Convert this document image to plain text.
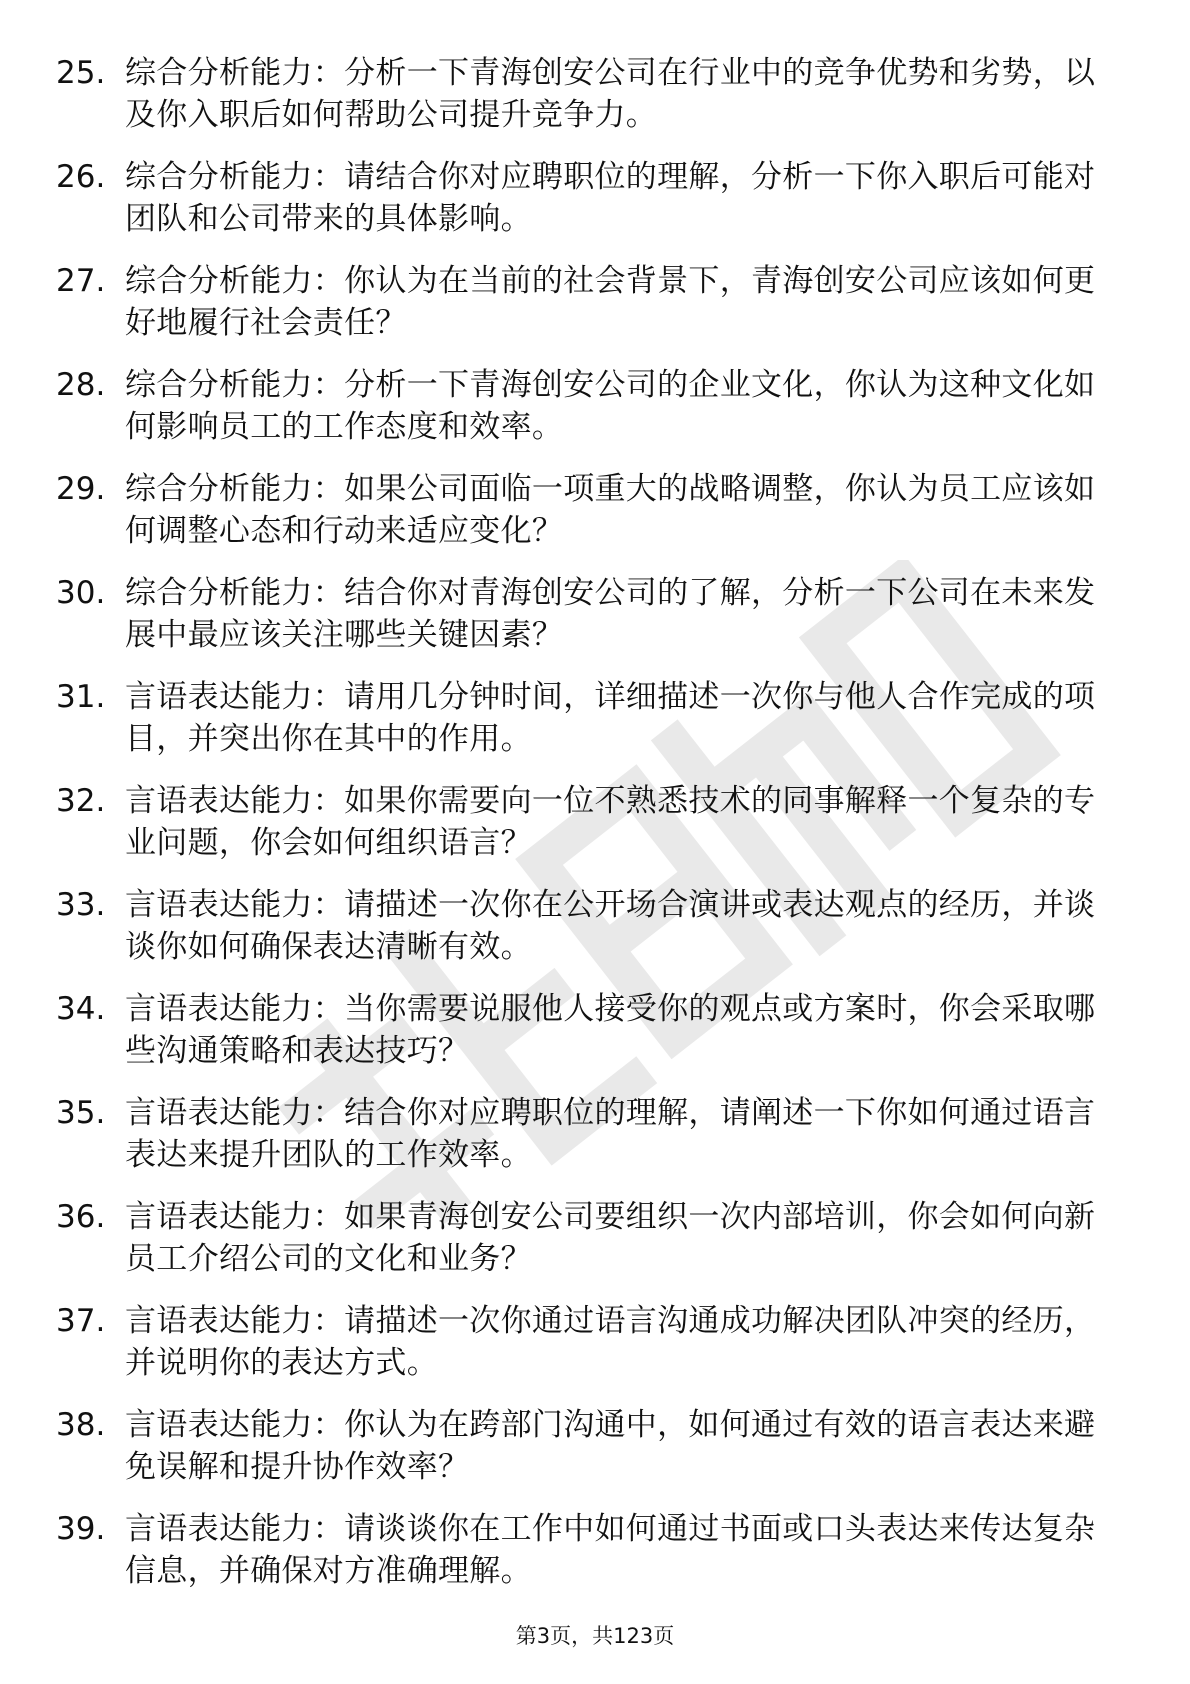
25. 综合分析能力：分析一下青海创安公司在行业中的竞争优势和劣势，以及你入职后如何帮助公司提升竞争力。
26. 综合分析能力：请结合你对应聘职位的理解，分析一下你入职后可能对团队和公司带来的具体影响。
27. 综合分析能力：你认为在当前的社会背景下，青海创安公司应该如何更好地履行社会责任？
28. 综合分析能力：分析一下青海创安公司的企业文化，你认为这种文化如何影响员工的工作态度和效率。
29. 综合分析能力：如果公司面临一项重大的战略调整，你认为员工应该如何调整心态和行动来适应变化？
30. 综合分析能力：结合你对青海创安公司的了解，分析一下公司在未来发展中最应该关注哪些关键因素？
31. 言语表达能力：请用几分钟时间，详细描述一次你与他人合作完成的项目，并突出你在其中的作用。
32. 言语表达能力：如果你需要向一位不熟悉技术的同事解释一个复杂的专业问题，你会如何组织语言？
33. 言语表达能力：请描述一次你在公开场合演讲或表达观点的经历，并谈谈你如何确保表达清晰有效。
34. 言语表达能力：当你需要说服他人接受你的观点或方案时，你会采取哪些沟通策略和表达技巧？
35. 言语表达能力：结合你对应聘职位的理解，请阐述一下你如何通过语言表达来提升团队的工作效率。
36. 言语表达能力：如果青海创安公司要组织一次内部培训，你会如何向新员工介绍公司的文化和业务？
37. 言语表达能力：请描述一次你通过语言沟通成功解决团队冲突的经历，并说明你的表达方式。
38. 言语表达能力：你认为在跨部门沟通中，如何通过有效的语言表达来避免误解和提升协作效率？
39. 言语表达能力：请谈谈你在工作中如何通过书面或口头表达来传达复杂信息，并确保对方准确理解。
第3页，共123页
